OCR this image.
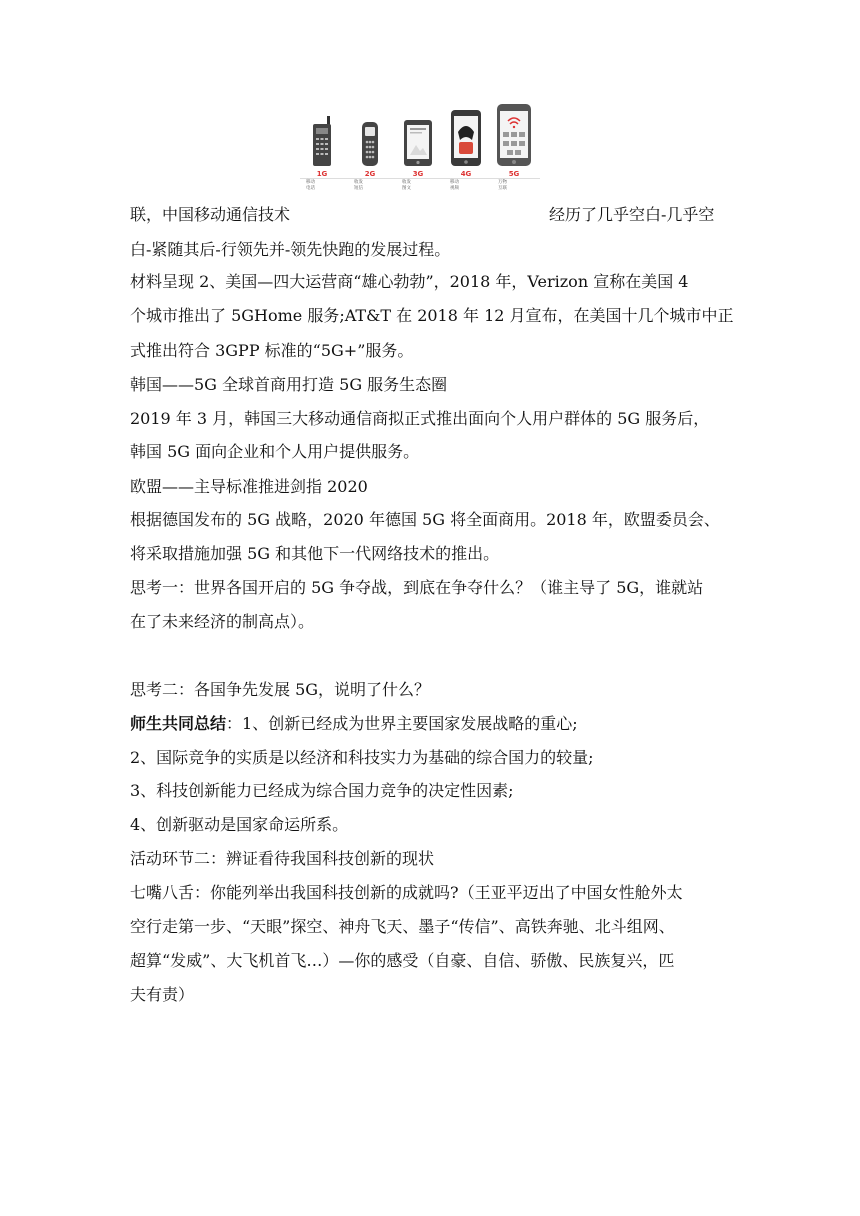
1G
移动
电话
2G
收发
短信
3G
收发
图文
4G
移动
视频
5G
万物
互联
联，中国移动通信技术	经历了几乎空白-几乎空
白-紧随其后-行领先并-领先快跑的发展过程。
材料呈现 2、美国—四大运营商“雄心勃勃”，2018 年，Verizon 宣称在美国 4
个城市推出了 5GHome 服务;AT&T 在 2018 年 12 月宣布，在美国十几个城市中正
式推出符合 3GPP 标准的“5G+”服务。
韩国——5G 全球首商用打造 5G 服务生态圈
2019 年 3 月，韩国三大移动通信商拟正式推出面向个人用户群体的 5G 服务后，
韩国 5G 面向企业和个人用户提供服务。
欧盟——主导标准推进剑指 2020
根据德国发布的 5G 战略，2020 年德国 5G 将全面商用。2018 年，欧盟委员会、
将采取措施加强 5G 和其他下一代网络技术的推出。
思考一：世界各国开启的 5G 争夺战，到底在争夺什么？（谁主导了 5G，谁就站
在了未来经济的制高点）。
思考二：各国争先发展 5G，说明了什么？
师生共同总结：1、创新已经成为世界主要国家发展战略的重心;
2、国际竞争的实质是以经济和科技实力为基础的综合国力的较量;
3、科技创新能力已经成为综合国力竞争的决定性因素;
4、创新驱动是国家命运所系。
活动环节二：辨证看待我国科技创新的现状
七嘴八舌：你能列举出我国科技创新的成就吗?（王亚平迈出了中国女性舱外太
空行走第一步、“天眼”探空、神舟飞天、墨子“传信”、高铁奔驰、北斗组网、
超算“发威”、大飞机首飞…）—你的感受（自豪、自信、骄傲、民族复兴，匹
夫有责）
